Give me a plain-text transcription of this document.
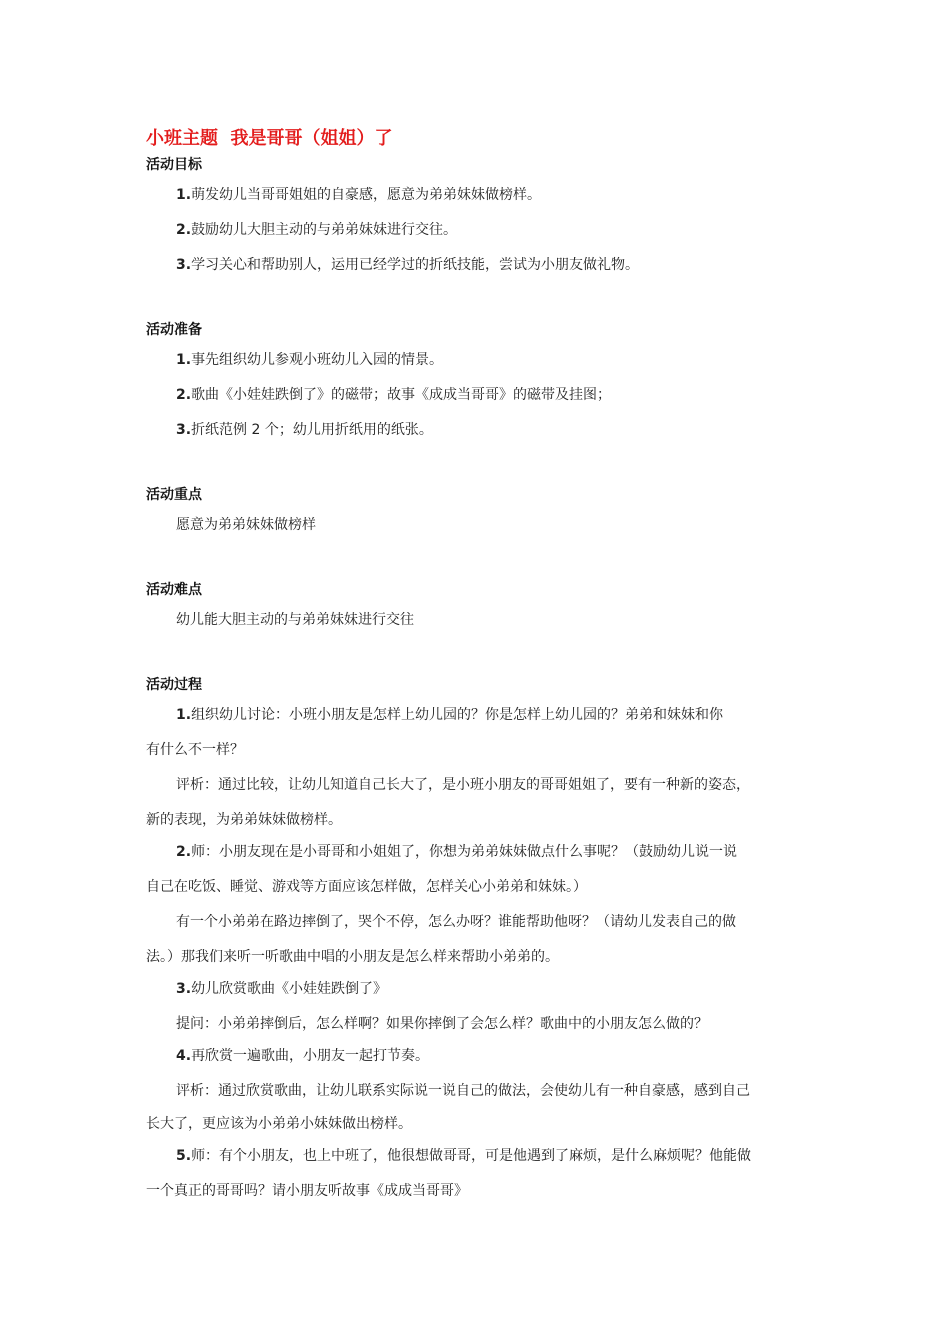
小班主题  我是哥哥（姐姐）了
活动目标
1.萌发幼儿当哥哥姐姐的自豪感，愿意为弟弟妹妹做榜样。
2.鼓励幼儿大胆主动的与弟弟妹妹进行交往。
3.学习关心和帮助别人，运用已经学过的折纸技能，尝试为小朋友做礼物。
活动准备
1.事先组织幼儿参观小班幼儿入园的情景。
2.歌曲《小娃娃跌倒了》的磁带；故事《成成当哥哥》的磁带及挂图；
3.折纸范例 2 个；幼儿用折纸用的纸张。
活动重点
愿意为弟弟妹妹做榜样
活动难点
幼儿能大胆主动的与弟弟妹妹进行交往
活动过程
1.组织幼儿讨论：小班小朋友是怎样上幼儿园的？你是怎样上幼儿园的？弟弟和妹妹和你
有什么不一样？
评析：通过比较，让幼儿知道自己长大了，是小班小朋友的哥哥姐姐了，要有一种新的姿态，
新的表现，为弟弟妹妹做榜样。
2.师：小朋友现在是小哥哥和小姐姐了，你想为弟弟妹妹做点什么事呢？（鼓励幼儿说一说
自己在吃饭、睡觉、游戏等方面应该怎样做，怎样关心小弟弟和妹妹。）
有一个小弟弟在路边摔倒了，哭个不停，怎么办呀？谁能帮助他呀？（请幼儿发表自己的做
法。）那我们来听一听歌曲中唱的小朋友是怎么样来帮助小弟弟的。
3.幼儿欣赏歌曲《小娃娃跌倒了》
提问：小弟弟摔倒后，怎么样啊？如果你摔倒了会怎么样？歌曲中的小朋友怎么做的？
4.再欣赏一遍歌曲，小朋友一起打节奏。
评析：通过欣赏歌曲，让幼儿联系实际说一说自己的做法，会使幼儿有一种自豪感，感到自己
长大了，更应该为小弟弟小妹妹做出榜样。
5.师：有个小朋友，也上中班了，他很想做哥哥，可是他遇到了麻烦，是什么麻烦呢？他能做
一个真正的哥哥吗？请小朋友听故事《成成当哥哥》
